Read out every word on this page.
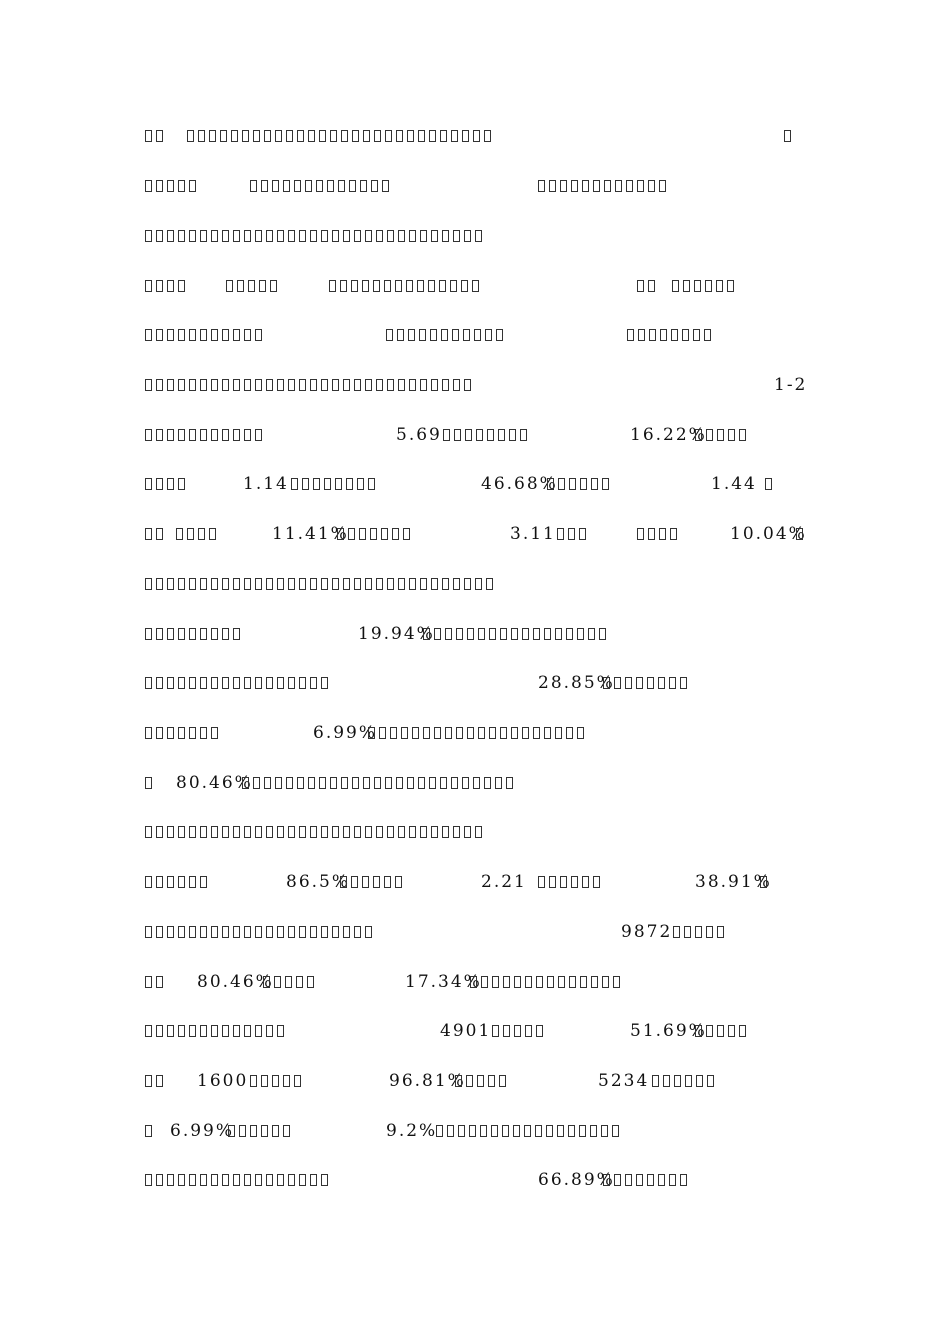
1-2
5.69	16.22%
1.14	46.68%	1.44
11.41%	3.11	10.04%
19.94%
28.85%
6.99%
80.46%
86.5%	2.21	38.91%
9872
80.46%	17.34%
4901	51.69%
1600	96.81%	5234
6.99%	9.2%
66.89%
